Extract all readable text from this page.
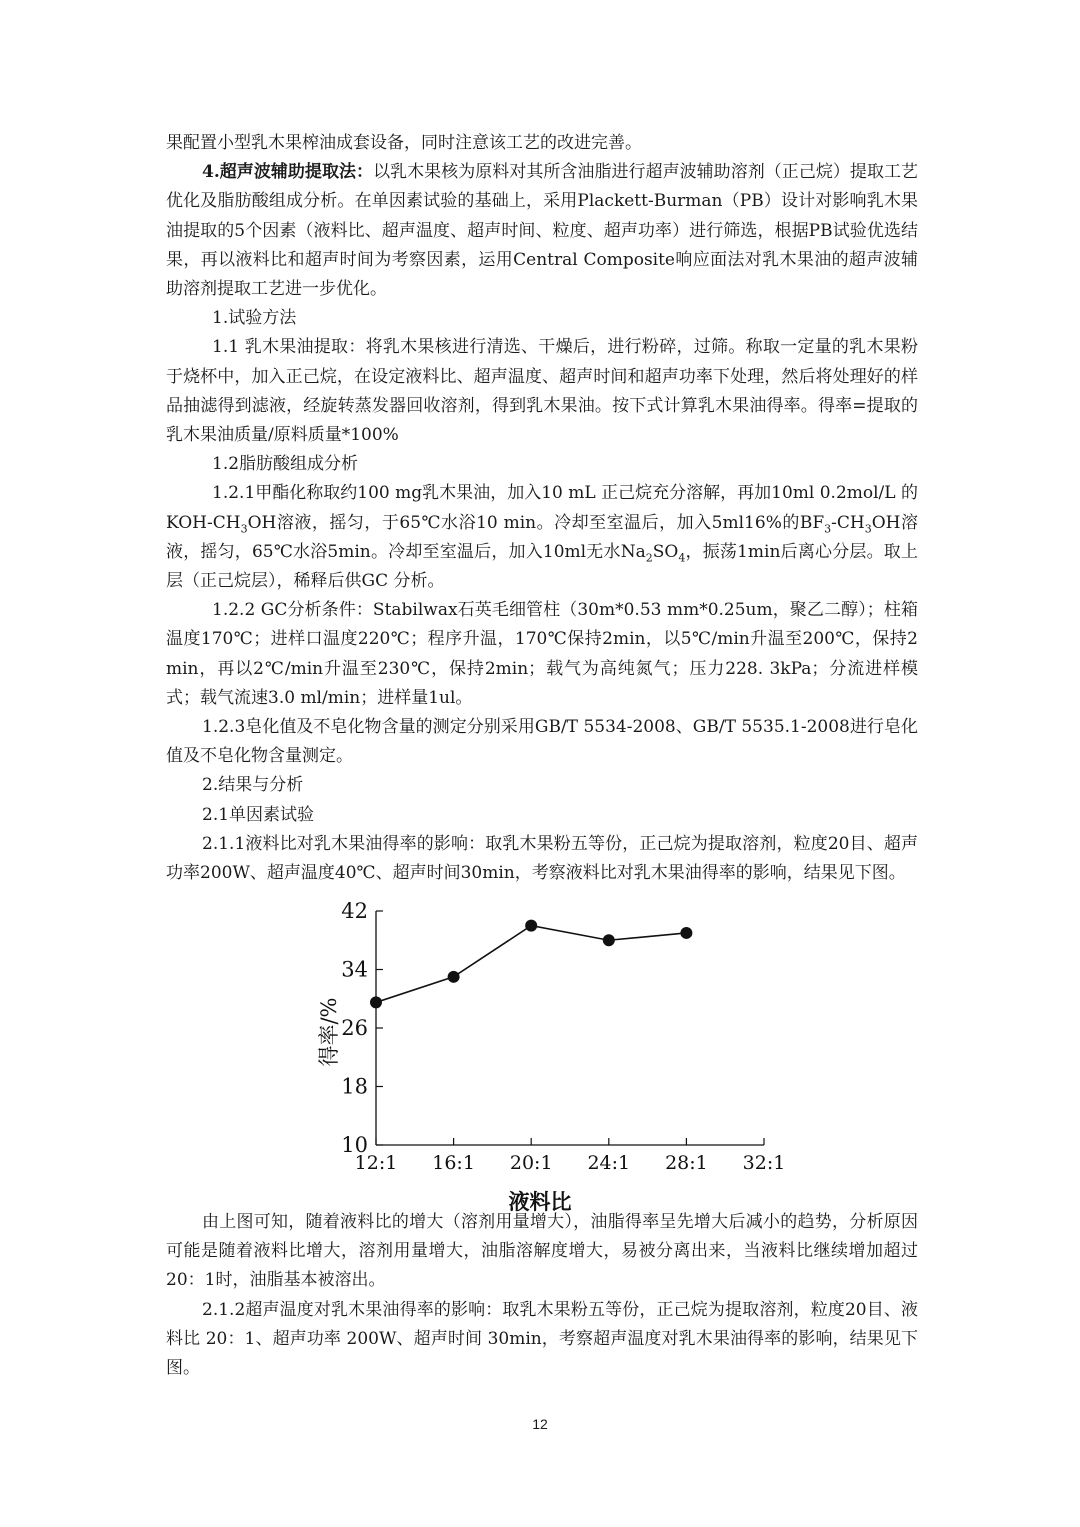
果配置小型乳木果榨油成套设备，同时注意该工艺的改进完善。

4.超声波辅助提取法：以乳木果核为原料对其所含油脂进行超声波辅助溶剂（正己烷）提取工艺优化及脂肪酸组成分析。在单因素试验的基础上，采用Plackett-Burman（PB）设计对影响乳木果油提取的5个因素（液料比、超声温度、超声时间、粒度、超声功率）进行筛选，根据PB试验优选结果，再以液料比和超声时间为考察因素，运用Central Composite响应面法对乳木果油的超声波辅助溶剂提取工艺进一步优化。

1.试验方法

1.1 乳木果油提取：将乳木果核进行清选、干燥后，进行粉碎，过筛。称取一定量的乳木果粉于烧杯中，加入正己烷，在设定液料比、超声温度、超声时间和超声功率下处理，然后将处理好的样品抽滤得到滤液，经旋转蒸发器回收溶剂，得到乳木果油。按下式计算乳木果油得率。得率=提取的乳木果油质量/原料质量*100%

1.2脂肪酸组成分析

1.2.1甲酯化称取约100 mg乳木果油，加入10 mL 正己烷充分溶解，再加10ml 0.2mol/L 的KOH-$CH_3OH$溶液，摇匀，于65℃水浴10 min。冷却至室温后，加入5ml16%的$BF_3-CH_3OH$溶液，摇匀，65℃水浴5min。冷却至室温后，加入10ml无水$Na_2SO_4$，振荡1min后离心分层。取上层（正己烷层），稀释后供GC 分析。

1.2.2 GC分析条件：Stabilwax石英毛细管柱（30m*0.53 mm*0.25um，聚乙二醇）；柱箱温度170℃；进样口温度220℃；程序升温，170℃保持2min，以5℃/min升温至200℃，保持2 min，再以2℃/min升温至230℃，保持2min；载气为高纯氮气；压力228. 3kPa；分流进样模式；载气流速3.0 ml/min；进样量1ul。

1.2.3皂化值及不皂化物含量的测定分别采用GB/T 5534-2008、GB/T 5535.1-2008进行皂化值及不皂化物含量测定。

2.结果与分析

2.1单因素试验

2.1.1液料比对乳木果油得率的影响：取乳木果粉五等份，正己烷为提取溶剂，粒度20目、超声功率200W、超声温度40℃、超声时间30min，考察液料比对乳木果油得率的影响，结果见下图。

10
18
26
34
42
12:1 16:1 20:1 24:1 28:1 32:1
液料比
得率/%

由上图可知，随着液料比的增大（溶剂用量增大），油脂得率呈先增大后减小的趋势，分析原因可能是随着液料比增大，溶剂用量增大，油脂溶解度增大，易被分离出来，当液料比继续增加超过20：1时，油脂基本被溶出。

2.1.2超声温度对乳木果油得率的影响：取乳木果粉五等份，正己烷为提取溶剂，粒度20目、液料比 20：1、超声功率 200W、超声时间 30min，考察超声温度对乳木果油得率的影响，结果见下图。

12
